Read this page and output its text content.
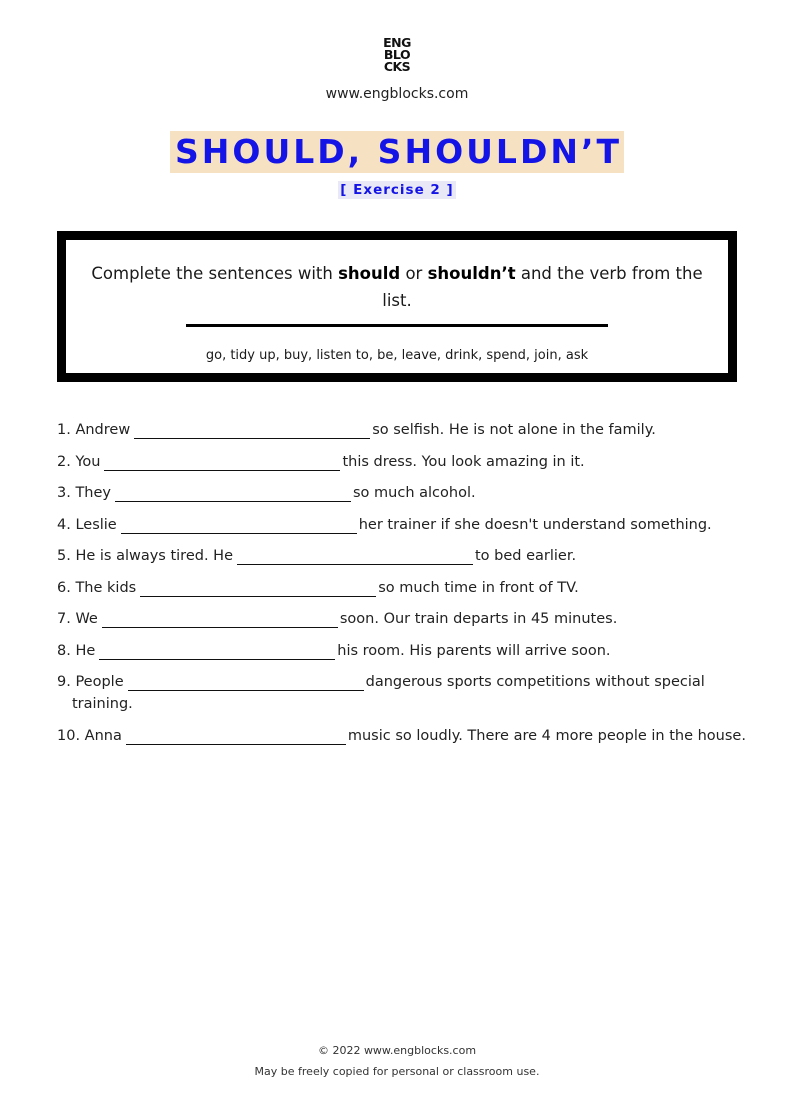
ENG
BLO
CKS
www.engblocks.com
SHOULD, SHOULDN’T
[ Exercise 2 ]
Complete the sentences with should or shouldn’t and the verb from the list.
go, tidy up, buy, listen to, be, leave, drink, spend, join, ask
1. Andrew	so selfish. He is not alone in the family.
2. You	this dress. You look amazing in it.
3. They	so much alcohol.
4. Leslie	her trainer if she doesn't understand something.
5. He is always tired. He	to bed earlier.
6. The kids	so much time in front of TV.
7. We	soon. Our train departs in 45 minutes.
8. He	his room. His parents will arrive soon.
9. People	dangerous sports competitions without special training.
10. Anna	music so loudly. There are 4 more people in the house.
© 2022 www.engblocks.com
May be freely copied for personal or classroom use.
